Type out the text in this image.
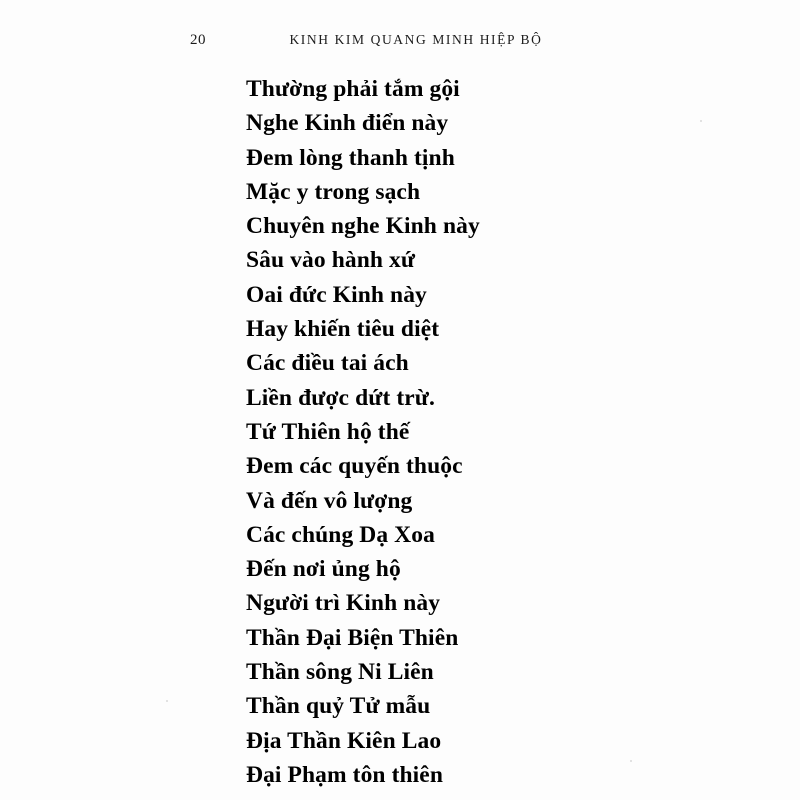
20	KINH KIM QUANG MINH HIỆP BỘ
Thường phải tắm gội
Nghe Kinh điển này
Đem lòng thanh tịnh
Mặc y trong sạch
Chuyên nghe Kinh này
Sâu vào hành xứ
Oai đức Kinh này
Hay khiến tiêu diệt
Các điều tai ách
Liền được dứt trừ.
Tứ Thiên hộ thế
Đem các quyến thuộc
Và đến vô lượng
Các chúng Dạ Xoa
Đến nơi ủng hộ
Người trì Kinh này
Thần Đại Biện Thiên
Thần sông Ni Liên
Thần quỷ Tử mẫu
Địa Thần Kiên Lao
Đại Phạm tôn thiên
